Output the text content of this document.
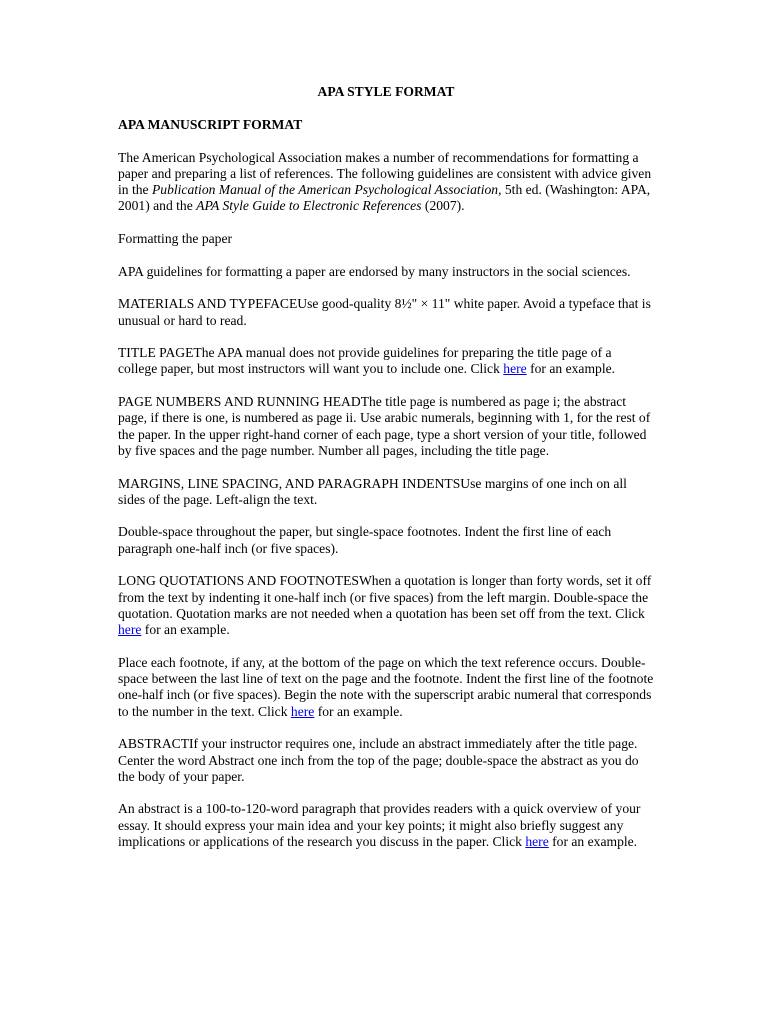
APA STYLE FORMAT
APA MANUSCRIPT FORMAT

The American Psychological Association makes a number of recommendations for formatting a paper and preparing a list of references. The following guidelines are consistent with advice given in the Publication Manual of the American Psychological Association, 5th ed. (Washington: APA, 2001) and the APA Style Guide to Electronic References (2007).

Formatting the paper

APA guidelines for formatting a paper are endorsed by many instructors in the social sciences.

MATERIALS AND TYPEFACEUse good-quality 8½" × 11" white paper. Avoid a typeface that is unusual or hard to read.

TITLE PAGEThe APA manual does not provide guidelines for preparing the title page of a college paper, but most instructors will want you to include one. Click here for an example.

PAGE NUMBERS AND RUNNING HEADThe title page is numbered as page i; the abstract page, if there is one, is numbered as page ii. Use arabic numerals, beginning with 1, for the rest of the paper. In the upper right-hand corner of each page, type a short version of your title, followed by five spaces and the page number. Number all pages, including the title page.

MARGINS, LINE SPACING, AND PARAGRAPH INDENTSUse margins of one inch on all sides of the page. Left-align the text.

Double-space throughout the paper, but single-space footnotes. Indent the first line of each paragraph one-half inch (or five spaces).

LONG QUOTATIONS AND FOOTNOTESWhen a quotation is longer than forty words, set it off from the text by indenting it one-half inch (or five spaces) from the left margin. Double-space the quotation. Quotation marks are not needed when a quotation has been set off from the text. Click here for an example.

Place each footnote, if any, at the bottom of the page on which the text reference occurs. Double-space between the last line of text on the page and the footnote. Indent the first line of the footnote one-half inch (or five spaces). Begin the note with the superscript arabic numeral that corresponds to the number in the text. Click here for an example.

ABSTRACTIf your instructor requires one, include an abstract immediately after the title page. Center the word Abstract one inch from the top of the page; double-space the abstract as you do the body of your paper.

An abstract is a 100-to-120-word paragraph that provides readers with a quick overview of your essay. It should express your main idea and your key points; it might also briefly suggest any implications or applications of the research you discuss in the paper. Click here for an example.
